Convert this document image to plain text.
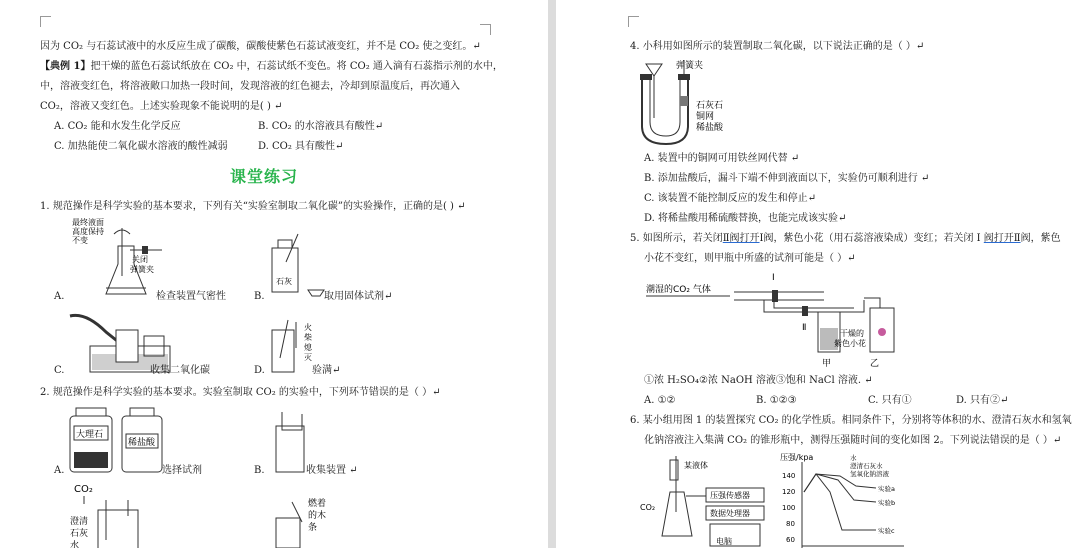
因为 CO₂ 与石蕊试液中的水反应生成了碳酸，碳酸使紫色石蕊试液变红，并不是 CO₂ 使之变红。↵
【典例 1】把干燥的蓝色石蕊试纸放在 CO₂ 中，石蕊试纸不变色。将 CO₂ 通入滴有石蕊指示剂的水中，
中，溶液变红色，将溶液敞口加热一段时间，发现溶液的红色褪去，冷却到原温度后，再次通入
CO₂，溶液又变红色。上述实验现象不能说明的是( ) ↵
A. CO₂ 能和水发生化学反应	B. CO₂ 的水溶液具有酸性↵
C. 加热能使二氧化碳水溶液的酸性减弱	D. CO₂ 具有酸性↵
课堂练习
1. 规范操作是科学实验的基本要求，下列有关“实验室制取二氧化碳”的实验操作，正确的是( ) ↵
最终液面
高度保持
不变
关闭
弹簧夹
A.	检查装置气密性
石灰
B.	取用固体试剂↵
C.	收集二氧化碳
火
柴
熄
灭
D.	验满↵
2. 规范操作是科学实验的基本要求。实验室制取 CO₂ 的实验中，下列环节错误的是（ ）↵
大理石
稀盐酸
A.	选择试剂	B.	收集装置 ↵
CO₂
澄清
石灰
水
燃着
的木
条
4. 小科用如图所示的装置制取二氧化碳，以下说法正确的是（ ）↵
弹簧夹
石灰石
铜网
稀盐酸
A. 装置中的铜网可用铁丝网代替 ↵
B. 添加盐酸后，漏斗下端不伸到液面以下，实验仍可顺利进行 ↵
C. 该装置不能控制反应的发生和停止↵
D. 将稀盐酸用稀硫酸替换，也能完成该实验↵
5. 如图所示，若关闭Ⅱ阀打开Ⅰ阀，紫色小花（用石蕊溶液染成）变红；若关闭 Ⅰ 阀打开Ⅱ阀，紫色
小花不变红，则甲瓶中所盛的试剂可能是（ ）↵
潮湿的CO₂ 气体
Ⅰ
Ⅱ
甲	乙
干燥的
紫色小花
①浓 H₂SO₄②浓 NaOH 溶液③饱和 NaCl 溶液. ↵
A. ①②	B. ①②③	C. 只有①	D. 只有②↵
6. 某小组用图 1 的装置探究 CO₂ 的化学性质。相同条件下，分别将等体积的水、澄清石灰水和氢氧
化钠溶液注入集满 CO₂ 的锥形瓶中，测得压强随时间的变化如图 2。下列说法错误的是（ ）↵
某液体
CO₂
压强传感器
数据处理器
电脑
压强/kpa
140
120
100
80
60
水
澄清石灰水
氢氧化钠溶液
实验a
实验b
实验c
